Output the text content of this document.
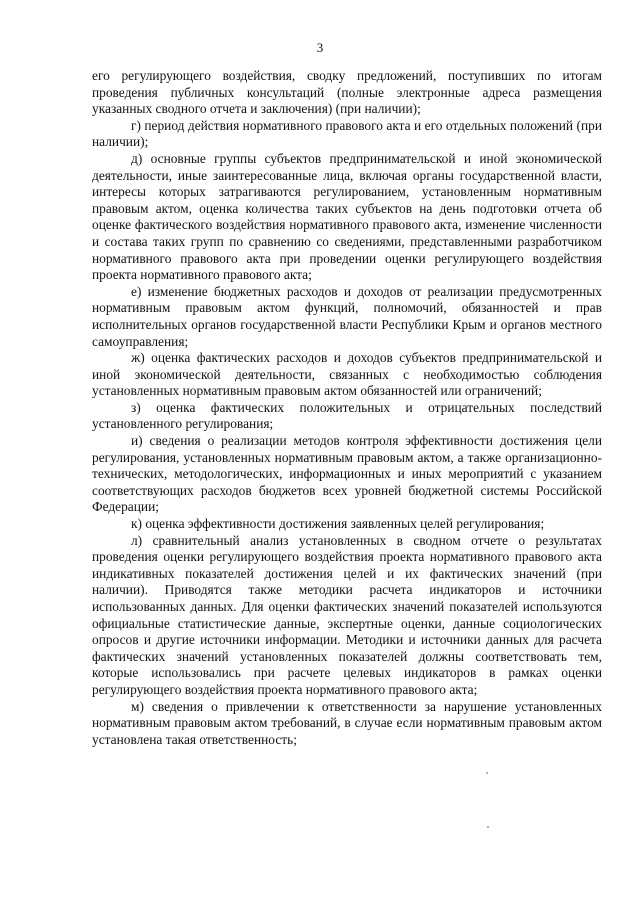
3

его регулирующего воздействия, сводку предложений, поступивших по итогам проведения публичных консультаций (полные электронные адреса размещения указанных сводного отчета и заключения) (при наличии);

г) период действия нормативного правового акта и его отдельных положений (при наличии);

д) основные группы субъектов предпринимательской и иной экономической деятельности, иные заинтересованные лица, включая органы государственной власти, интересы которых затрагиваются регулированием, установленным нормативным правовым актом, оценка количества таких субъектов на день подготовки отчета об оценке фактического воздействия нормативного правового акта, изменение численности и состава таких групп по сравнению со сведениями, представленными разработчиком нормативного правового акта при проведении оценки регулирующего воздействия проекта нормативного правового акта;

е) изменение бюджетных расходов и доходов от реализации предусмотренных нормативным правовым актом функций, полномочий, обязанностей и прав исполнительных органов государственной власти Республики Крым и органов местного самоуправления;

ж) оценка фактических расходов и доходов субъектов предпринимательской и иной экономической деятельности, связанных с необходимостью соблюдения установленных нормативным правовым актом обязанностей или ограничений;

з) оценка фактических положительных и отрицательных последствий установленного регулирования;

и) сведения о реализации методов контроля эффективности достижения цели регулирования, установленных нормативным правовым актом, а также организационно-технических, методологических, информационных и иных мероприятий с указанием соответствующих расходов бюджетов всех уровней бюджетной системы Российской Федерации;

к) оценка эффективности достижения заявленных целей регулирования;

л) сравнительный анализ установленных в сводном отчете о результатах проведения оценки регулирующего воздействия проекта нормативного правового акта индикативных показателей достижения целей и их фактических значений (при наличии). Приводятся также методики расчета индикаторов и источники использованных данных. Для оценки фактических значений показателей используются официальные статистические данные, экспертные оценки, данные социологических опросов и другие источники информации. Методики и источники данных для расчета фактических значений установленных показателей должны соответствовать тем, которые использовались при расчете целевых индикаторов в рамках оценки регулирующего воздействия проекта нормативного правового акта;

м) сведения о привлечении к ответственности за нарушение установленных нормативным правовым актом требований, в случае если нормативным правовым актом установлена такая ответственность;
